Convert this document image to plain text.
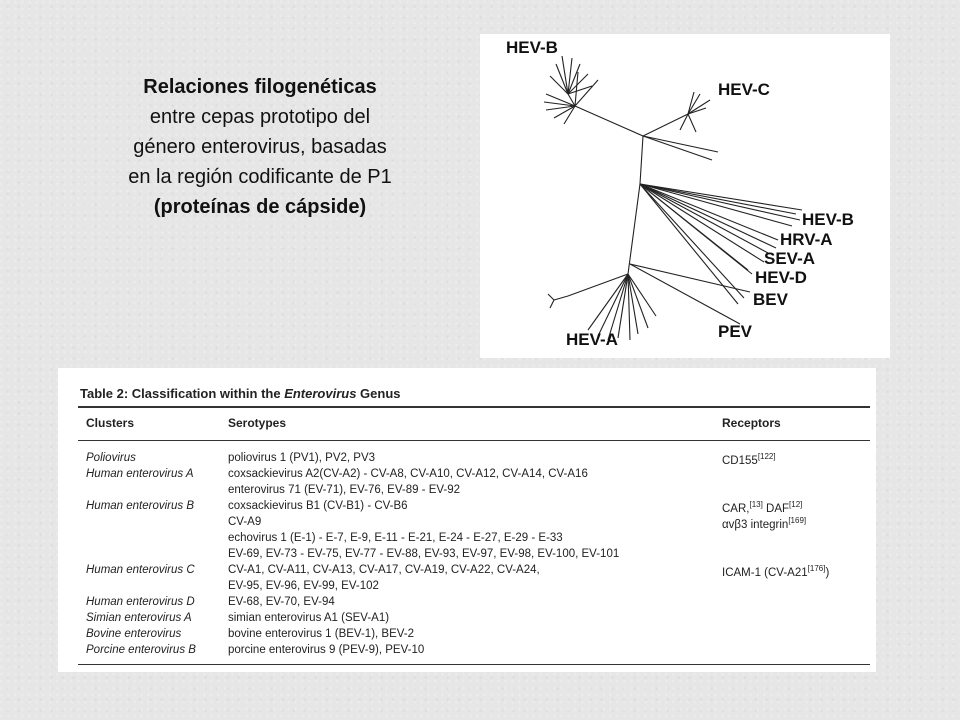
Relaciones filogenéticas
entre cepas prototipo del
género enterovirus, basadas
en la región codificante de P1
(proteínas de cápside)
HEV-B
HEV-C
HEV-B
HRV-A
SEV-A
HEV-D
BEV
PEV
HEV-A
Table 2: Classification within the Enterovirus Genus
Clusters	Serotypes	Receptors
Poliovirus	poliovirus 1 (PV1), PV2, PV3	CD155[122]
Human enterovirus A	coxsackievirus A2(CV-A2) - CV-A8, CV-A10, CV-A12, CV-A14, CV-A16
enterovirus 71 (EV-71), EV-76, EV-89 - EV-92
Human enterovirus B	coxsackievirus B1 (CV-B1) - CV-B6	CAR,[13] DAF[12]
CV-A9	αvβ3 integrin[169]
echovirus 1 (E-1) - E-7, E-9, E-11 - E-21, E-24 - E-27, E-29 - E-33
EV-69, EV-73 - EV-75, EV-77 - EV-88, EV-93, EV-97, EV-98, EV-100, EV-101
Human enterovirus C	CV-A1, CV-A11, CV-A13, CV-A17, CV-A19, CV-A22, CV-A24,	ICAM-1 (CV-A21[176])
EV-95, EV-96, EV-99, EV-102
Human enterovirus D	EV-68, EV-70, EV-94
Simian enterovirus A	simian enterovirus A1 (SEV-A1)
Bovine enterovirus	bovine enterovirus 1 (BEV-1), BEV-2
Porcine enterovirus B	porcine enterovirus 9 (PEV-9), PEV-10
